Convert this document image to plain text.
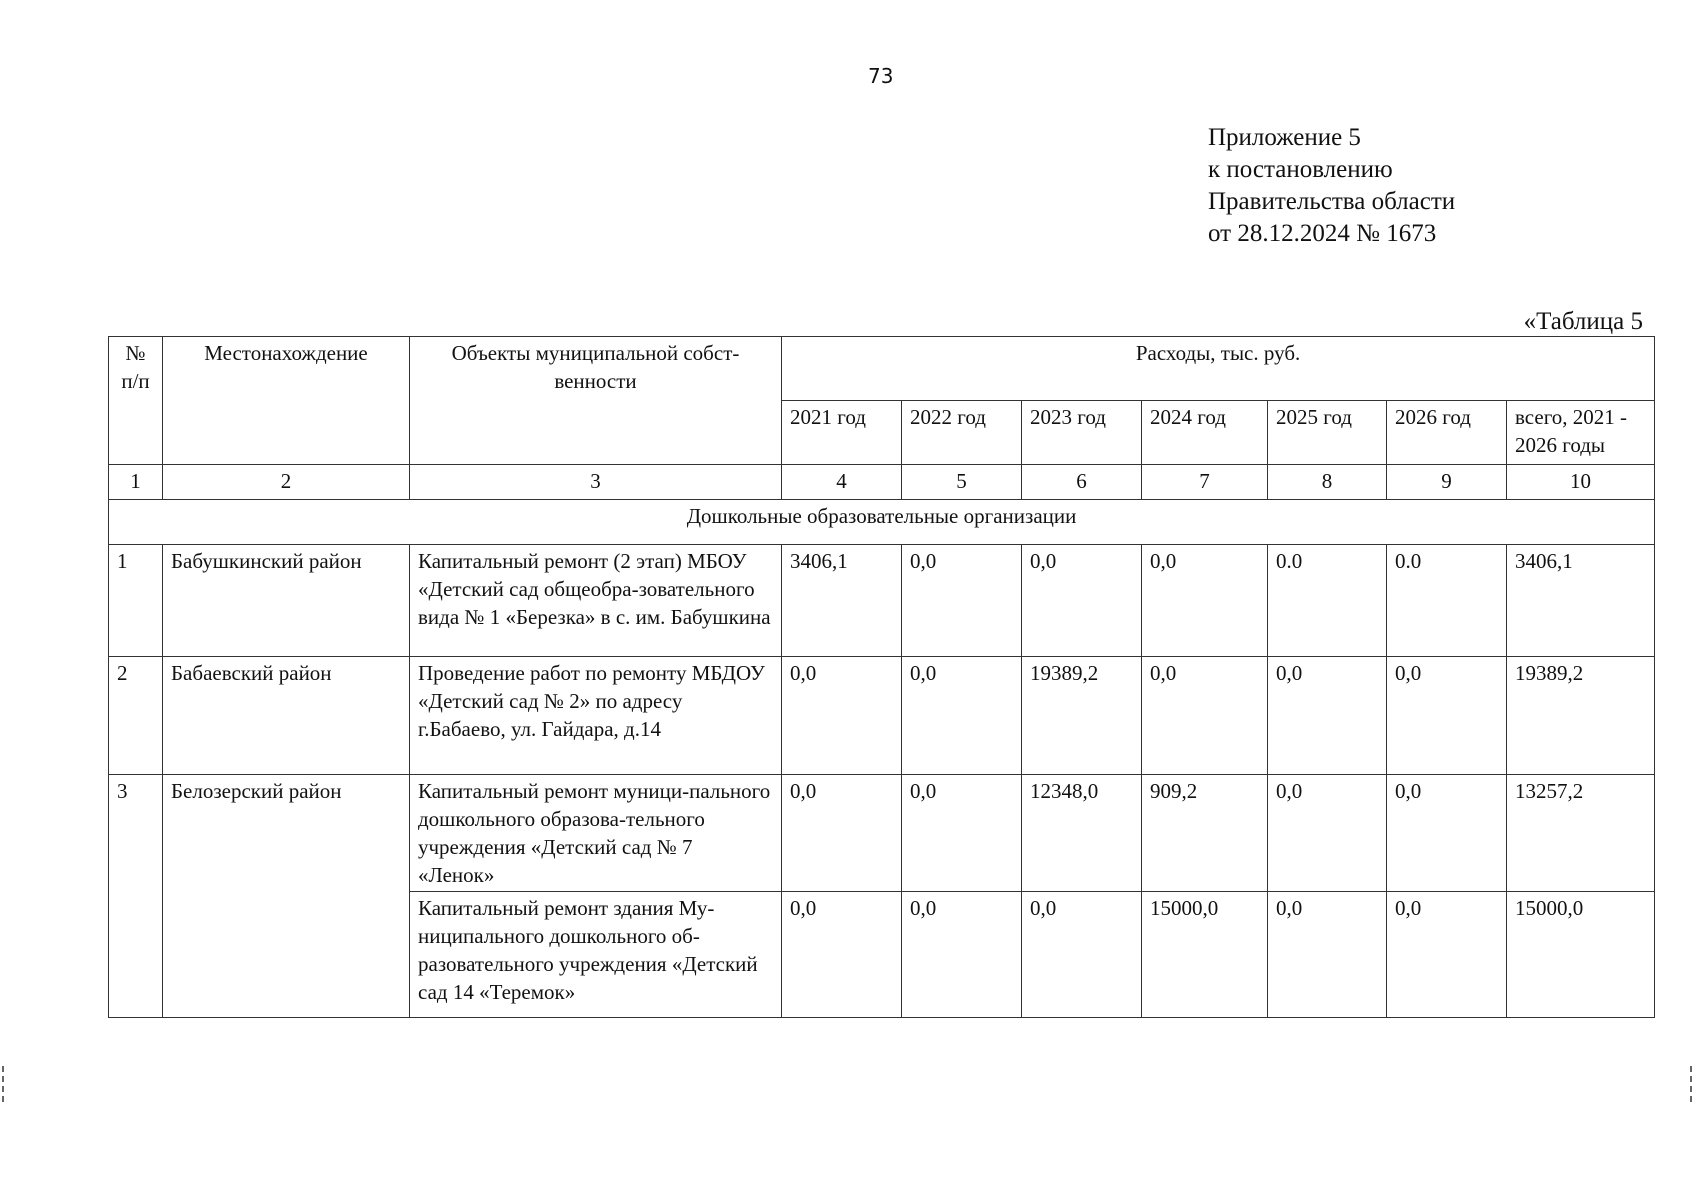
73
Приложение 5
к постановлению
Правительства области
от 28.12.2024 № 1673
«Таблица 5
№ п/п	Местонахождение	Объекты муниципальной собст-венности	Расходы, тыс. руб.						
			2021 год	2022 год	2023 год	2024 год	2025 год	2026 год	всего, 2021 - 2026 годы
1	2	3	4	5	6	7	8	9	10
Дошкольные образовательные организации									
1	Бабушкинский район	Капитальный ремонт (2 этап) МБОУ «Детский сад общеобра-зовательного вида № 1 «Березка» в с. им. Бабушкина	3406,1	0,0	0,0	0,0	0.0	0.0	3406,1
2	Бабаевский район	Проведение работ по ремонту МБДОУ «Детский сад № 2» по адресу г.Бабаево, ул. Гайдара, д.14	0,0	0,0	19389,2	0,0	0,0	0,0	19389,2
3	Белозерский район	Капитальный ремонт муници-пального дошкольного образова-тельного учреждения «Детский сад № 7 «Ленок»	0,0	0,0	12348,0	909,2	0,0	0,0	13257,2
		Капитальный ремонт здания Му-ниципального дошкольного об-разовательного учреждения «Детский сад 14 «Теремок»	0,0	0,0	0,0	15000,0	0,0	0,0	15000,0
